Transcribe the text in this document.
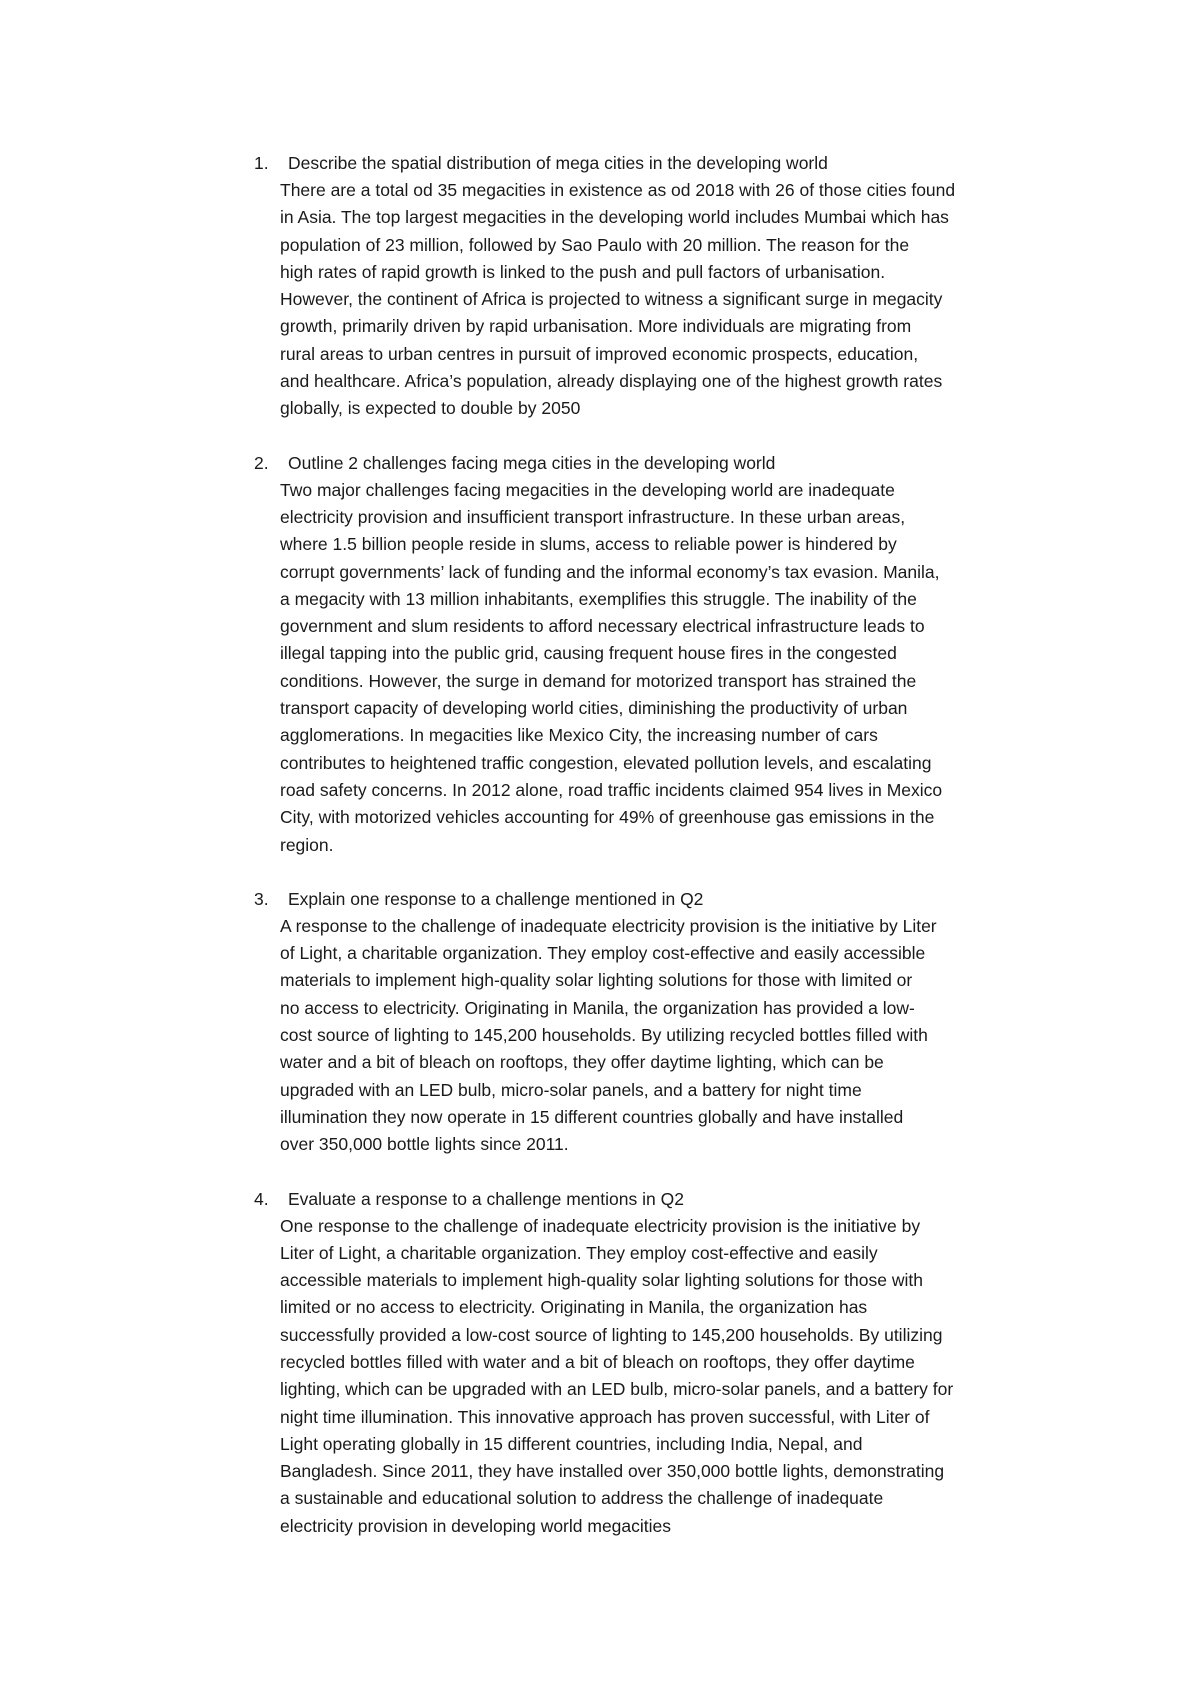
1. Describe the spatial distribution of mega cities in the developing world
There are a total od 35 megacities in existence as od 2018 with 26 of those cities found
in Asia. The top largest megacities in the developing world includes Mumbai which has
population of 23 million, followed by Sao Paulo with 20 million. The reason for the
high rates of rapid growth is linked to the push and pull factors of urbanisation.
However, the continent of Africa is projected to witness a significant surge in megacity
growth, primarily driven by rapid urbanisation. More individuals are migrating from
rural areas to urban centres in pursuit of improved economic prospects, education,
and healthcare. Africa’s population, already displaying one of the highest growth rates
globally, is expected to double by 2050
2. Outline 2 challenges facing mega cities in the developing world
Two major challenges facing megacities in the developing world are inadequate
electricity provision and insufficient transport infrastructure. In these urban areas,
where 1.5 billion people reside in slums, access to reliable power is hindered by
corrupt governments’ lack of funding and the informal economy’s tax evasion. Manila,
a megacity with 13 million inhabitants, exemplifies this struggle. The inability of the
government and slum residents to afford necessary electrical infrastructure leads to
illegal tapping into the public grid, causing frequent house fires in the congested
conditions. However, the surge in demand for motorized transport has strained the
transport capacity of developing world cities, diminishing the productivity of urban
agglomerations. In megacities like Mexico City, the increasing number of cars
contributes to heightened traffic congestion, elevated pollution levels, and escalating
road safety concerns. In 2012 alone, road traffic incidents claimed 954 lives in Mexico
City, with motorized vehicles accounting for 49% of greenhouse gas emissions in the
region.
3. Explain one response to a challenge mentioned in Q2
A response to the challenge of inadequate electricity provision is the initiative by Liter
of Light, a charitable organization. They employ cost-effective and easily accessible
materials to implement high-quality solar lighting solutions for those with limited or
no access to electricity. Originating in Manila, the organization has provided a low-
cost source of lighting to 145,200 households. By utilizing recycled bottles filled with
water and a bit of bleach on rooftops, they offer daytime lighting, which can be
upgraded with an LED bulb, micro-solar panels, and a battery for night time
illumination they now operate in 15 different countries globally and have installed
over 350,000 bottle lights since 2011.
4. Evaluate a response to a challenge mentions in Q2
One response to the challenge of inadequate electricity provision is the initiative by
Liter of Light, a charitable organization. They employ cost-effective and easily
accessible materials to implement high-quality solar lighting solutions for those with
limited or no access to electricity. Originating in Manila, the organization has
successfully provided a low-cost source of lighting to 145,200 households. By utilizing
recycled bottles filled with water and a bit of bleach on rooftops, they offer daytime
lighting, which can be upgraded with an LED bulb, micro-solar panels, and a battery for
night time illumination. This innovative approach has proven successful, with Liter of
Light operating globally in 15 different countries, including India, Nepal, and
Bangladesh. Since 2011, they have installed over 350,000 bottle lights, demonstrating
a sustainable and educational solution to address the challenge of inadequate
electricity provision in developing world megacities
